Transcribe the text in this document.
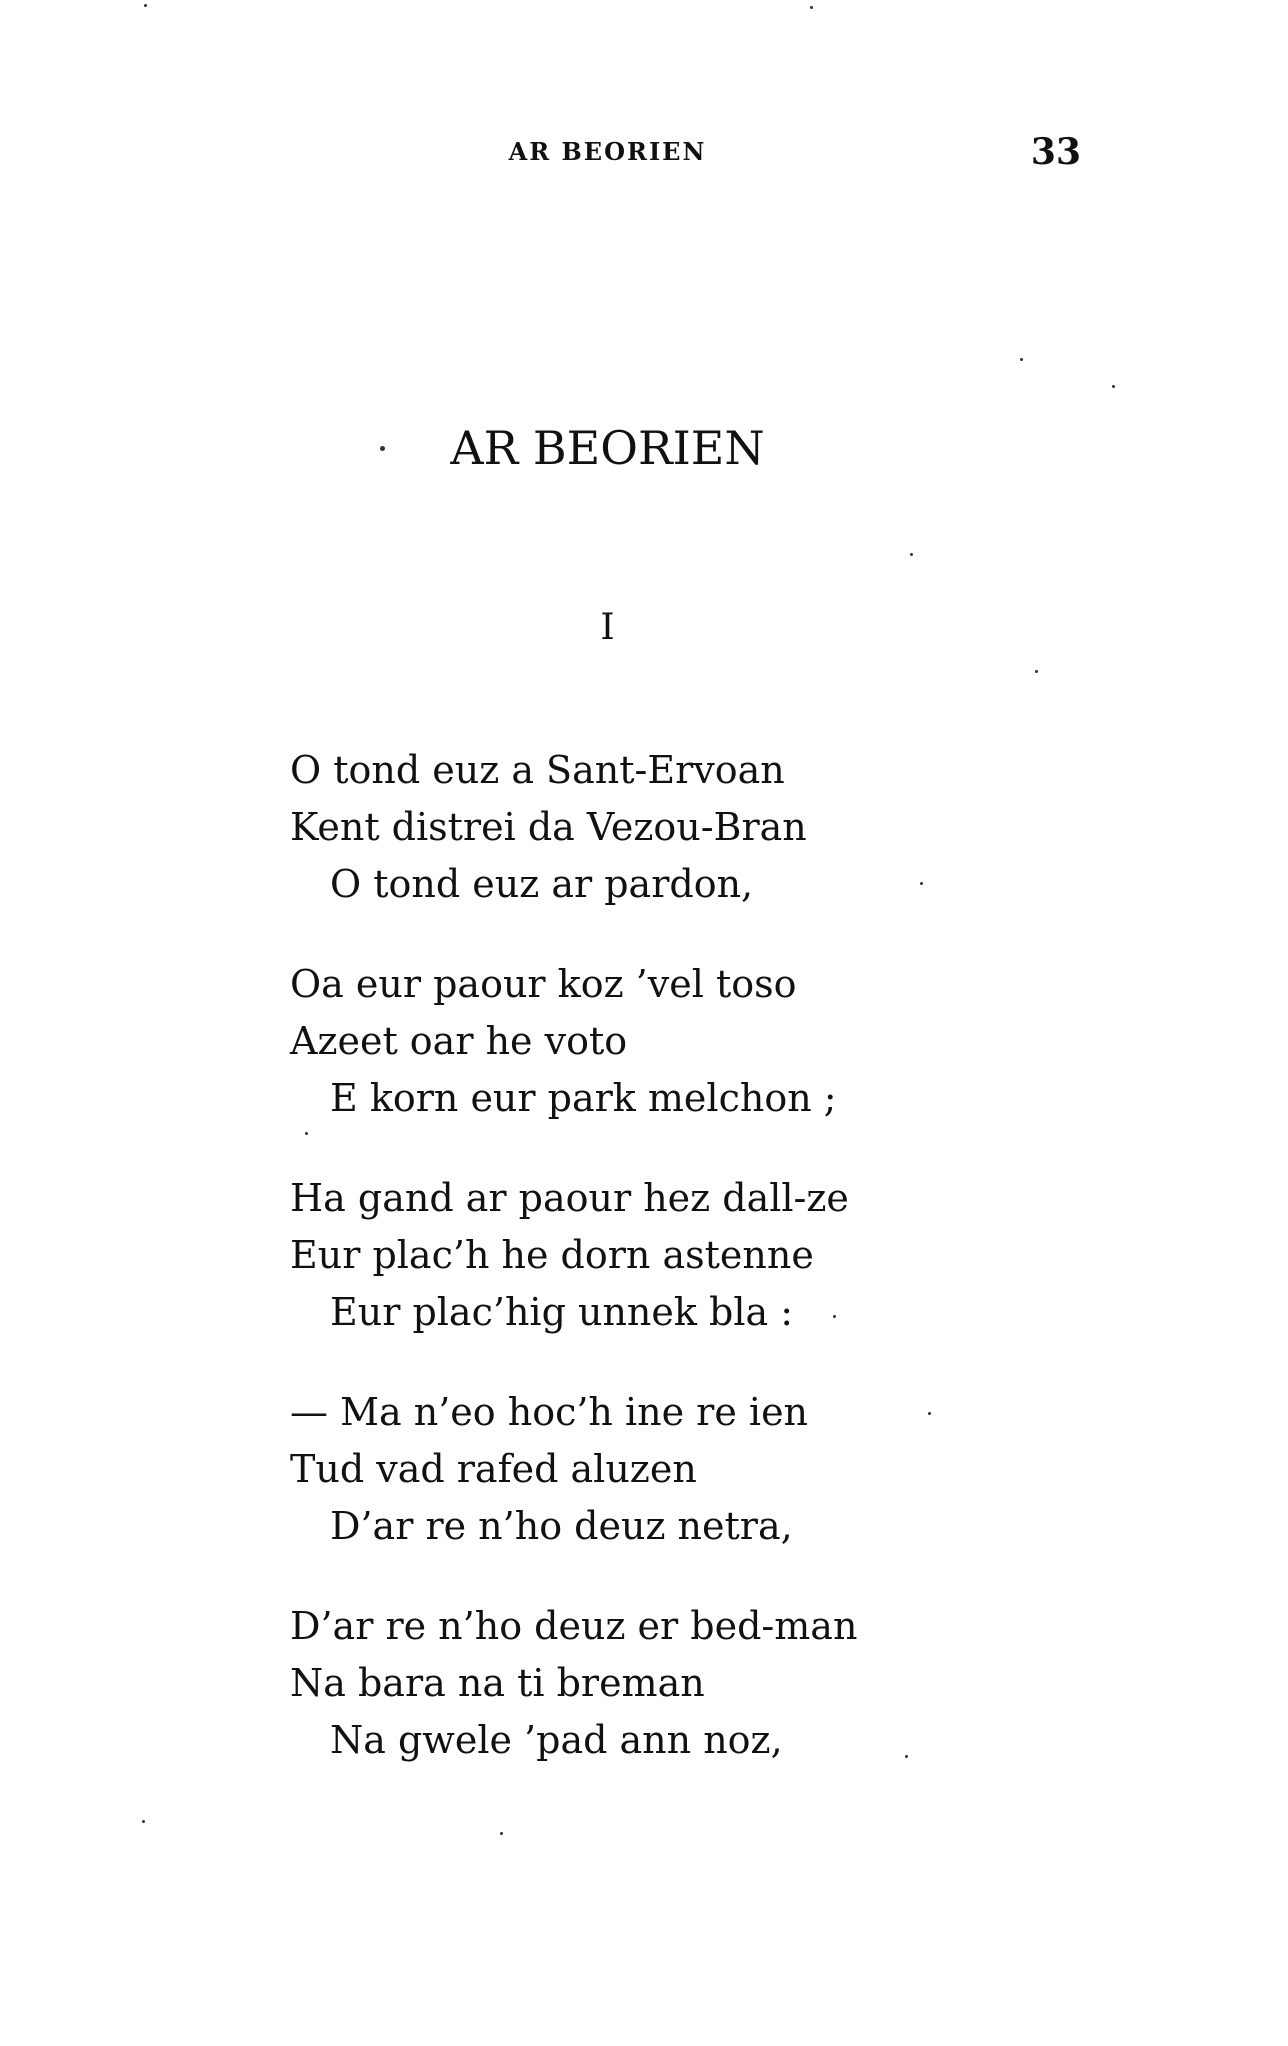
AR BEORIEN	33
AR BEORIEN
I
O tond euz a Sant-Ervoan
Kent distrei da Vezou-Bran
O tond euz ar pardon,
Oa eur paour koz ’vel toso
Azeet oar he voto
E korn eur park melchon ;
Ha gand ar paour hez dall-ze
Eur plac’h he dorn astenne
Eur plac’hig unnek bla :
— Ma n’eo hoc’h ine re ien
Tud vad rafed aluzen
D’ar re n’ho deuz netra,
D’ar re n’ho deuz er bed-man
Na bara na ti breman
Na gwele ’pad ann noz,
